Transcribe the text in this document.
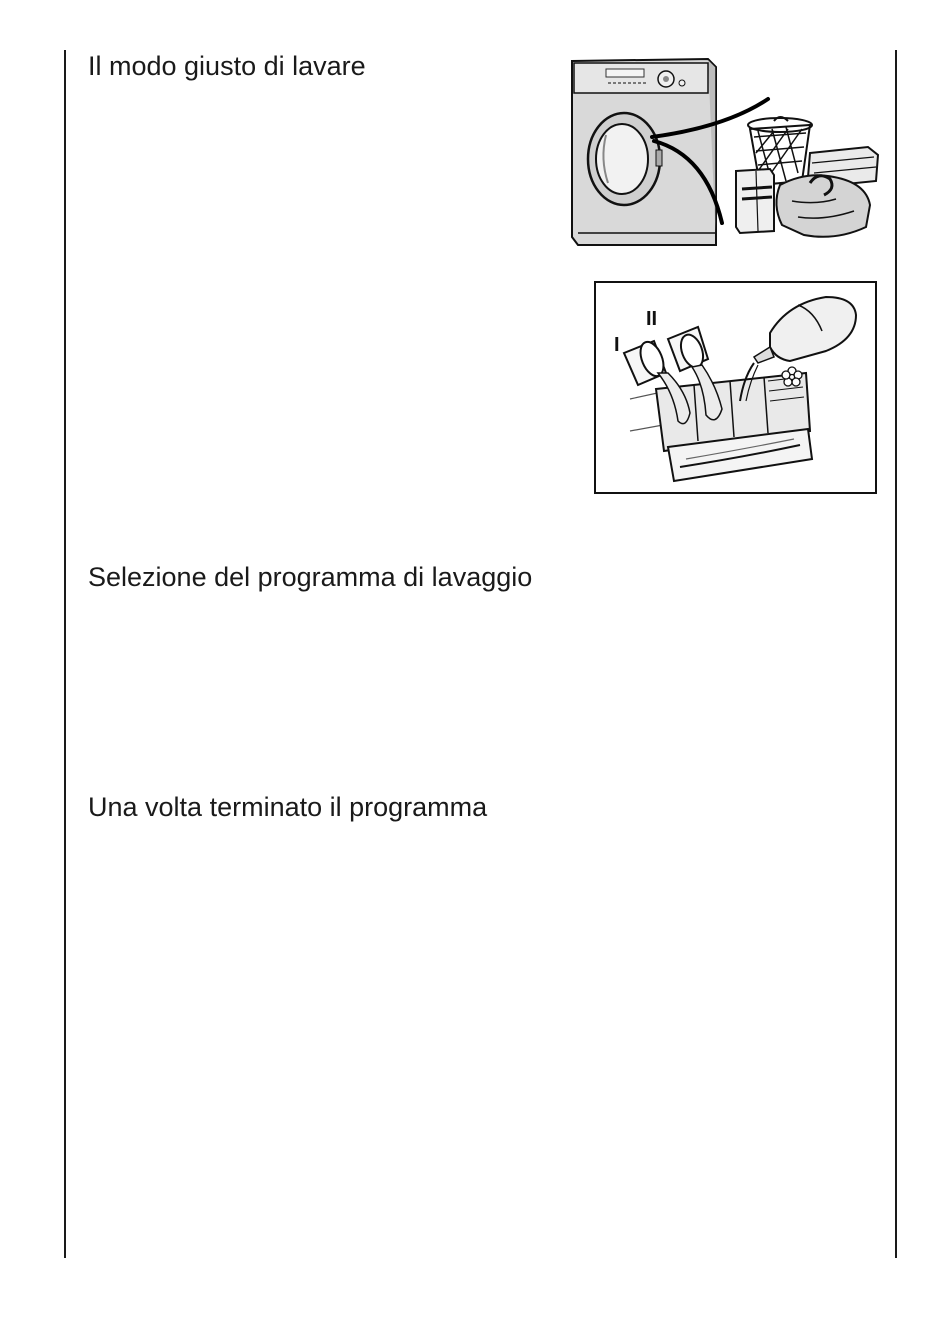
Il modo giusto di lavare
Selezione del programma di lavaggio
Una volta terminato il programma
II
I
